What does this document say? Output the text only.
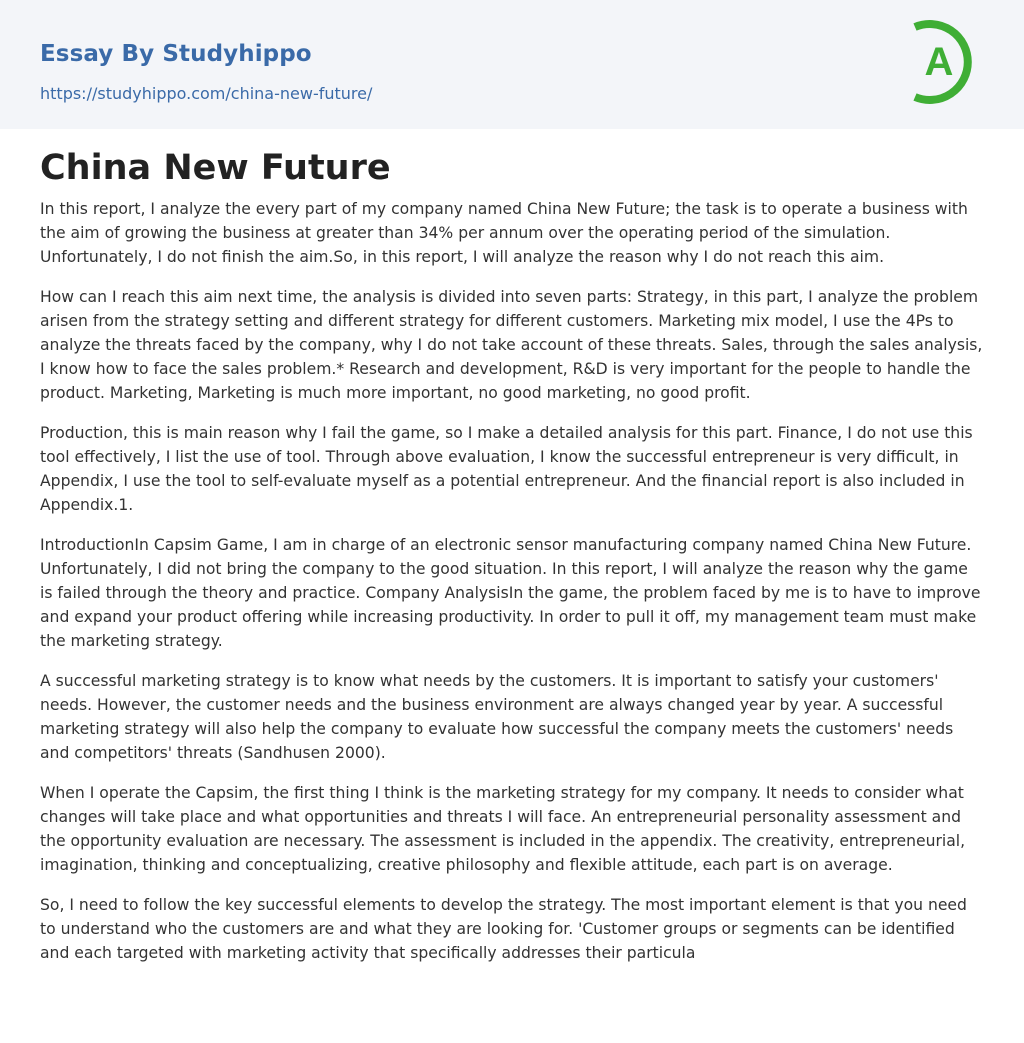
Essay By Studyhippo
https://studyhippo.com/china-new-future/
A
China New Future

In this report, I analyze the every part of my company named China New Future; the task is to operate a business with the aim of growing the business at greater than 34% per annum over the operating period of the simulation. Unfortunately, I do not finish the aim.So, in this report, I will analyze the reason why I do not reach this aim.

How can I reach this aim next time, the analysis is divided into seven parts: Strategy, in this part, I analyze the problem arisen from the strategy setting and different strategy for different customers. Marketing mix model, I use the 4Ps to analyze the threats faced by the company, why I do not take account of these threats. Sales, through the sales analysis, I know how to face the sales problem.* Research and development, R&D is very important for the people to handle the product. Marketing, Marketing is much more important, no good marketing, no good profit.

Production, this is main reason why I fail the game, so I make a detailed analysis for this part. Finance, I do not use this tool effectively, I list the use of tool. Through above evaluation, I know the successful entrepreneur is very difficult, in Appendix, I use the tool to self-evaluate myself as a potential entrepreneur. And the financial report is also included in Appendix.1.

IntroductionIn Capsim Game, I am in charge of an electronic sensor manufacturing company named China New Future. Unfortunately, I did not bring the company to the good situation. In this report, I will analyze the reason why the game is failed through the theory and practice. Company AnalysisIn the game, the problem faced by me is to have to improve and expand your product offering while increasing productivity. In order to pull it off, my management team must make the marketing strategy.

A successful marketing strategy is to know what needs by the customers. It is important to satisfy your customers' needs. However, the customer needs and the business environment are always changed year by year. A successful marketing strategy will also help the company to evaluate how successful the company meets the customers' needs and competitors' threats (Sandhusen 2000).

When I operate the Capsim, the first thing I think is the marketing strategy for my company. It needs to consider what changes will take place and what opportunities and threats I will face. An entrepreneurial personality assessment and the opportunity evaluation are necessary. The assessment is included in the appendix. The creativity, entrepreneurial, imagination, thinking and conceptualizing, creative philosophy and flexible attitude, each part is on average.

So, I need to follow the key successful elements to develop the strategy. The most important element is that you need to understand who the customers are and what they are looking for. 'Customer groups or segments can be identified and each targeted with marketing activity that specifically addresses their particula
